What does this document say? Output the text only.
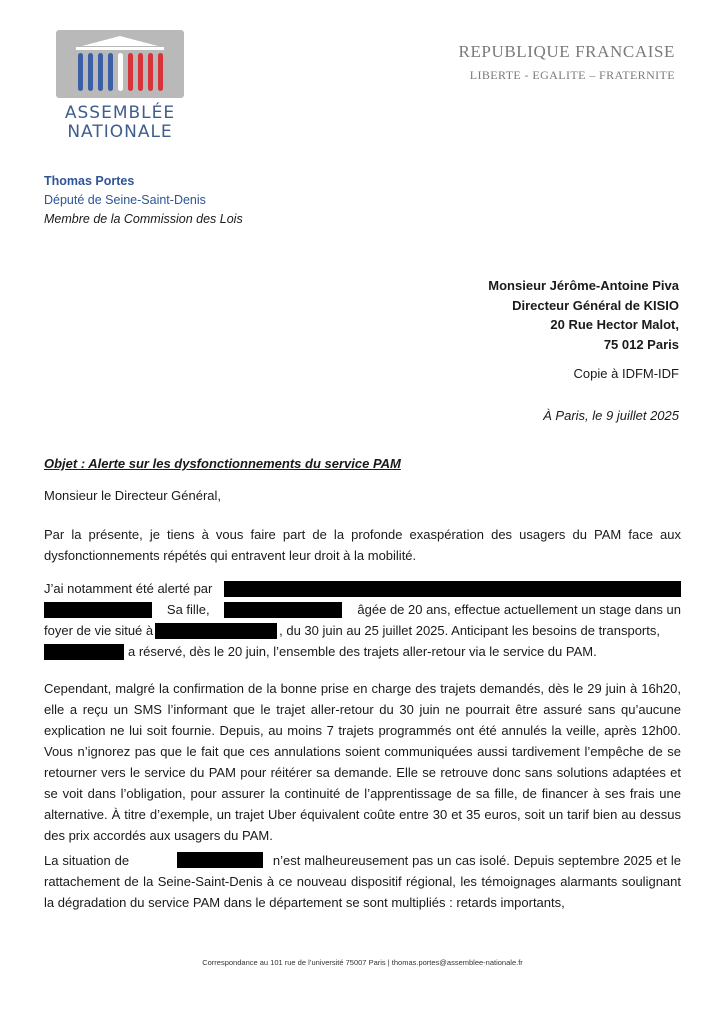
ASSEMBLÉE
NATIONALE
REPUBLIQUE FRANCAISE
LIBERTE - EGALITE – FRATERNITE
Thomas Portes
Député de Seine-Saint-Denis
Membre de la Commission des Lois
Monsieur Jérôme-Antoine Piva
Directeur Général de KISIO
20 Rue Hector Malot,
75 012 Paris
Copie à IDFM-IDF
À Paris, le 9 juillet 2025
Objet : Alerte sur les dysfonctionnements du service PAM
Monsieur le Directeur Général,
Par la présente, je tiens à vous faire part de la profonde exaspération des usagers du PAM face aux dysfonctionnements répétés qui entravent leur droit à la mobilité.
J’ai notamment été alerté par
Sa fille,	âgée de 20 ans, effectue actuellement un stage dans un
foyer de vie situé à	, du 30 juin au 25 juillet 2025. Anticipant les besoins de transports,
a réservé, dès le 20 juin, l’ensemble des trajets aller-retour via le service du PAM.
Cependant, malgré la confirmation de la bonne prise en charge des trajets demandés, dès le 29 juin à 16h20, elle a reçu un SMS l’informant que le trajet aller-retour du 30 juin ne pourrait être assuré sans qu’aucune explication ne lui soit fournie. Depuis, au moins 7 trajets programmés ont été annulés la veille, après 12h00. Vous n’ignorez pas que le fait que ces annulations soient communiquées aussi tardivement l’empêche de se retourner vers le service du PAM pour réitérer sa demande. Elle se retrouve donc sans solutions adaptées et se voit dans l’obligation, pour assurer la continuité de l’apprentissage de sa fille, de financer à ses frais une alternative. À titre d’exemple, un trajet Uber équivalent coûte entre 30 et 35 euros, soit un tarif bien au dessus des prix accordés aux usagers du PAM.
La situation de	n’est malheureusement pas un cas isolé. Depuis septembre 2025 et le rattachement de la Seine-Saint-Denis à ce nouveau dispositif régional, les témoignages alarmants soulignant la dégradation du service PAM dans le département se sont multipliés : retards importants,
Correspondance au 101 rue de l’université 75007 Paris | thomas.portes@assemblee-nationale.fr
